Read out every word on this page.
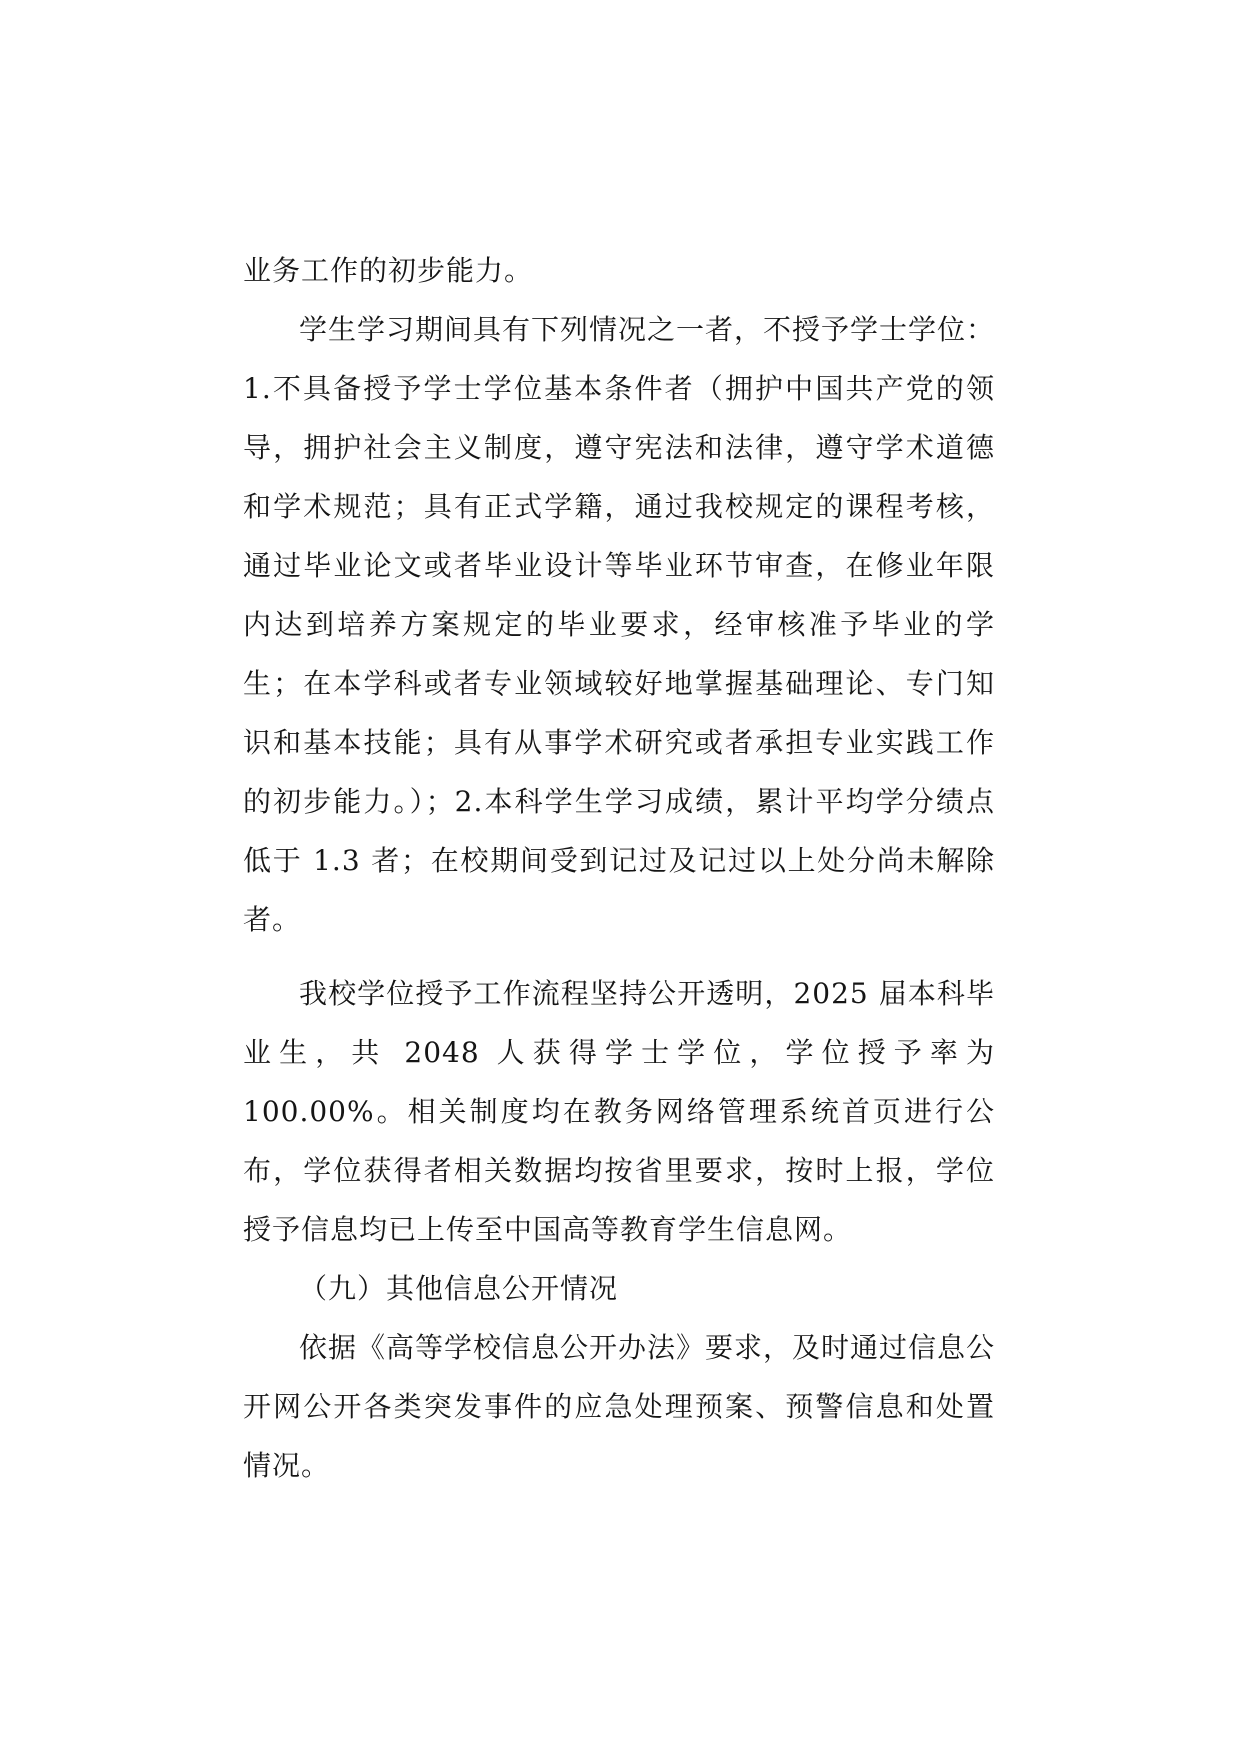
业务工作的初步能力。

学生学习期间具有下列情况之一者，不授予学士学位：1.不具备授予学士学位基本条件者（拥护中国共产党的领导，拥护社会主义制度，遵守宪法和法律，遵守学术道德和学术规范；具有正式学籍，通过我校规定的课程考核，通过毕业论文或者毕业设计等毕业环节审查，在修业年限内达到培养方案规定的毕业要求，经审核准予毕业的学生；在本学科或者专业领域较好地掌握基础理论、专门知识和基本技能；具有从事学术研究或者承担专业实践工作的初步能力。）；2.本科学生学习成绩，累计平均学分绩点低于 1.3 者；在校期间受到记过及记过以上处分尚未解除者。

我校学位授予工作流程坚持公开透明，2025 届本科毕业生，共 2048 人获得学士学位，学位授予率为 100.00%。相关制度均在教务网络管理系统首页进行公布，学位获得者相关数据均按省里要求，按时上报，学位授予信息均已上传至中国高等教育学生信息网。

（九）其他信息公开情况

依据《高等学校信息公开办法》要求，及时通过信息公开网公开各类突发事件的应急处理预案、预警信息和处置情况。
